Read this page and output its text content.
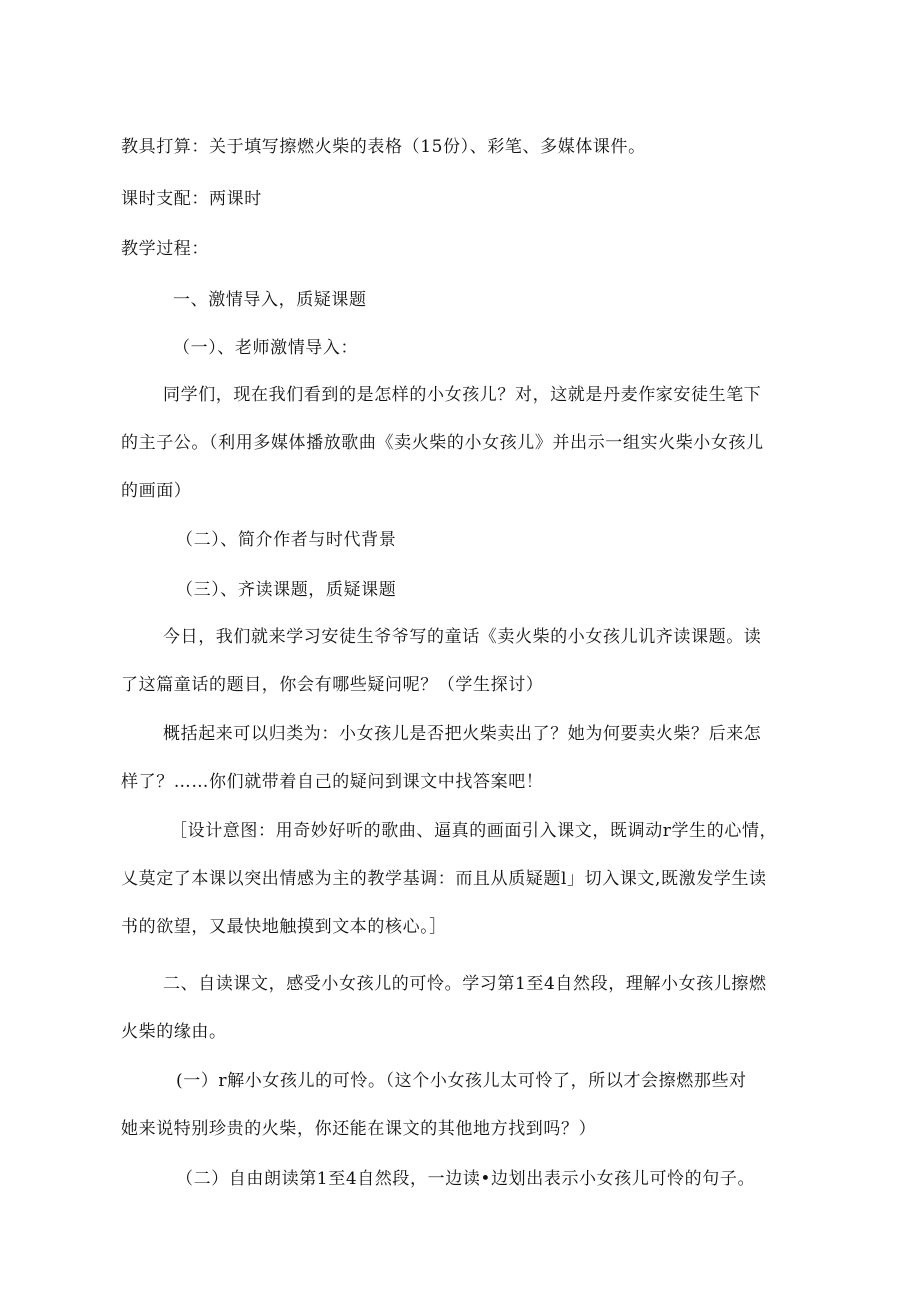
教具打算：关于填写擦燃火柴的表格（15份）、彩笔、多媒体课件。
课时支配：两课时
教学过程：
一、激情导入，质疑课题
（一）、老师激情导入：
同学们，现在我们看到的是怎样的小女孩儿？对，这就是丹麦作家安徒生笔下
的主子公。（利用多媒体播放歌曲《卖火柴的小女孩儿》并出示一组实火柴小女孩儿
的画面）
（二）、简介作者与时代背景
（三）、齐读课题，质疑课题
今日，我们就来学习安徒生爷爷写的童话《卖火柴的小女孩儿讥齐读课题。读
了这篇童话的题目，你会有哪些疑问呢？（学生探讨）
概括起来可以归类为：小女孩儿是否把火柴卖出了？她为何要卖火柴？后来怎
样了？……你们就带着自己的疑问到课文中找答案吧！
［设计意图：用奇妙好听的歌曲、逼真的画面引入课文，既调动r学生的心情，
乂莫定了本课以突出情感为主的教学基调：而且从质疑题l」切入课文,既激发学生读
书的欲望，又最快地触摸到文本的核心。］
二、自读课文，感受小女孩儿的可怜。学习第1至4自然段，理解小女孩儿擦燃
火柴的缘由。
(一）r解小女孩儿的可怜。（这个小女孩儿太可怜了，所以才会擦燃那些对
她来说特别珍贵的火柴，你还能在课文的其他地方找到吗？）
（二）自由朗读第1至4自然段，一边读•边划出表示小女孩儿可怜的句子。
